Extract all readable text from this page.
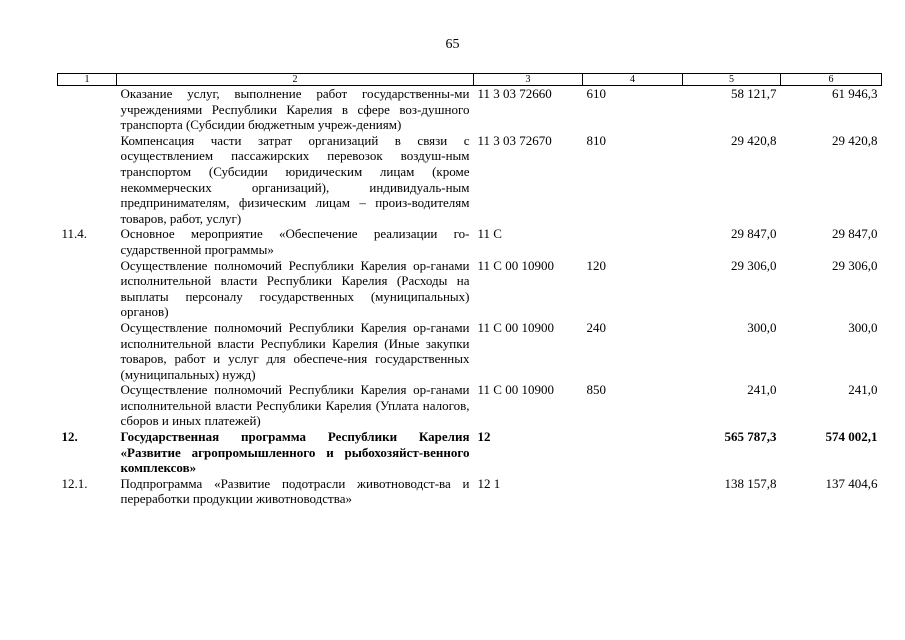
65
1	2	3	4	5	6
	Оказание услуг, выполнение работ государственны-ми учреждениями Республики Карелия в сфере воз-душного транспорта (Субсидии бюджетным учреж-дениям)	11 3 03 72660	610	58 121,7	61 946,3
	Компенсация части затрат организаций в связи с осуществлением пассажирских перевозок воздуш-ным транспортом (Субсидии юридическим лицам (кроме некоммерческих организаций), индивидуаль-ным предпринимателям, физическим лицам – произ-водителям товаров, работ, услуг)	11 3 03 72670	810	29 420,8	29 420,8
11.4.	Основное мероприятие «Обеспечение реализации го-сударственной программы»	11 С		29 847,0	29 847,0
	Осуществление полномочий Республики Карелия ор-ганами исполнительной власти Республики Карелия (Расходы на выплаты персоналу государственных (муниципальных) органов)	11 С 00 10900	120	29 306,0	29 306,0
	Осуществление полномочий Республики Карелия ор-ганами исполнительной власти Республики Карелия (Иные закупки товаров, работ и услуг для обеспече-ния государственных (муниципальных) нужд)	11 С 00 10900	240	300,0	300,0
	Осуществление полномочий Республики Карелия ор-ганами исполнительной власти Республики Карелия (Уплата налогов, сборов и иных платежей)	11 С 00 10900	850	241,0	241,0
12.	Государственная программа Республики Карелия «Развитие агропромышленного и рыбохозяйст-венного комплексов»	12		565 787,3	574 002,1
12.1.	Подпрограмма «Развитие подотрасли животноводст-ва и переработки продукции животноводства»	12 1		138 157,8	137 404,6
